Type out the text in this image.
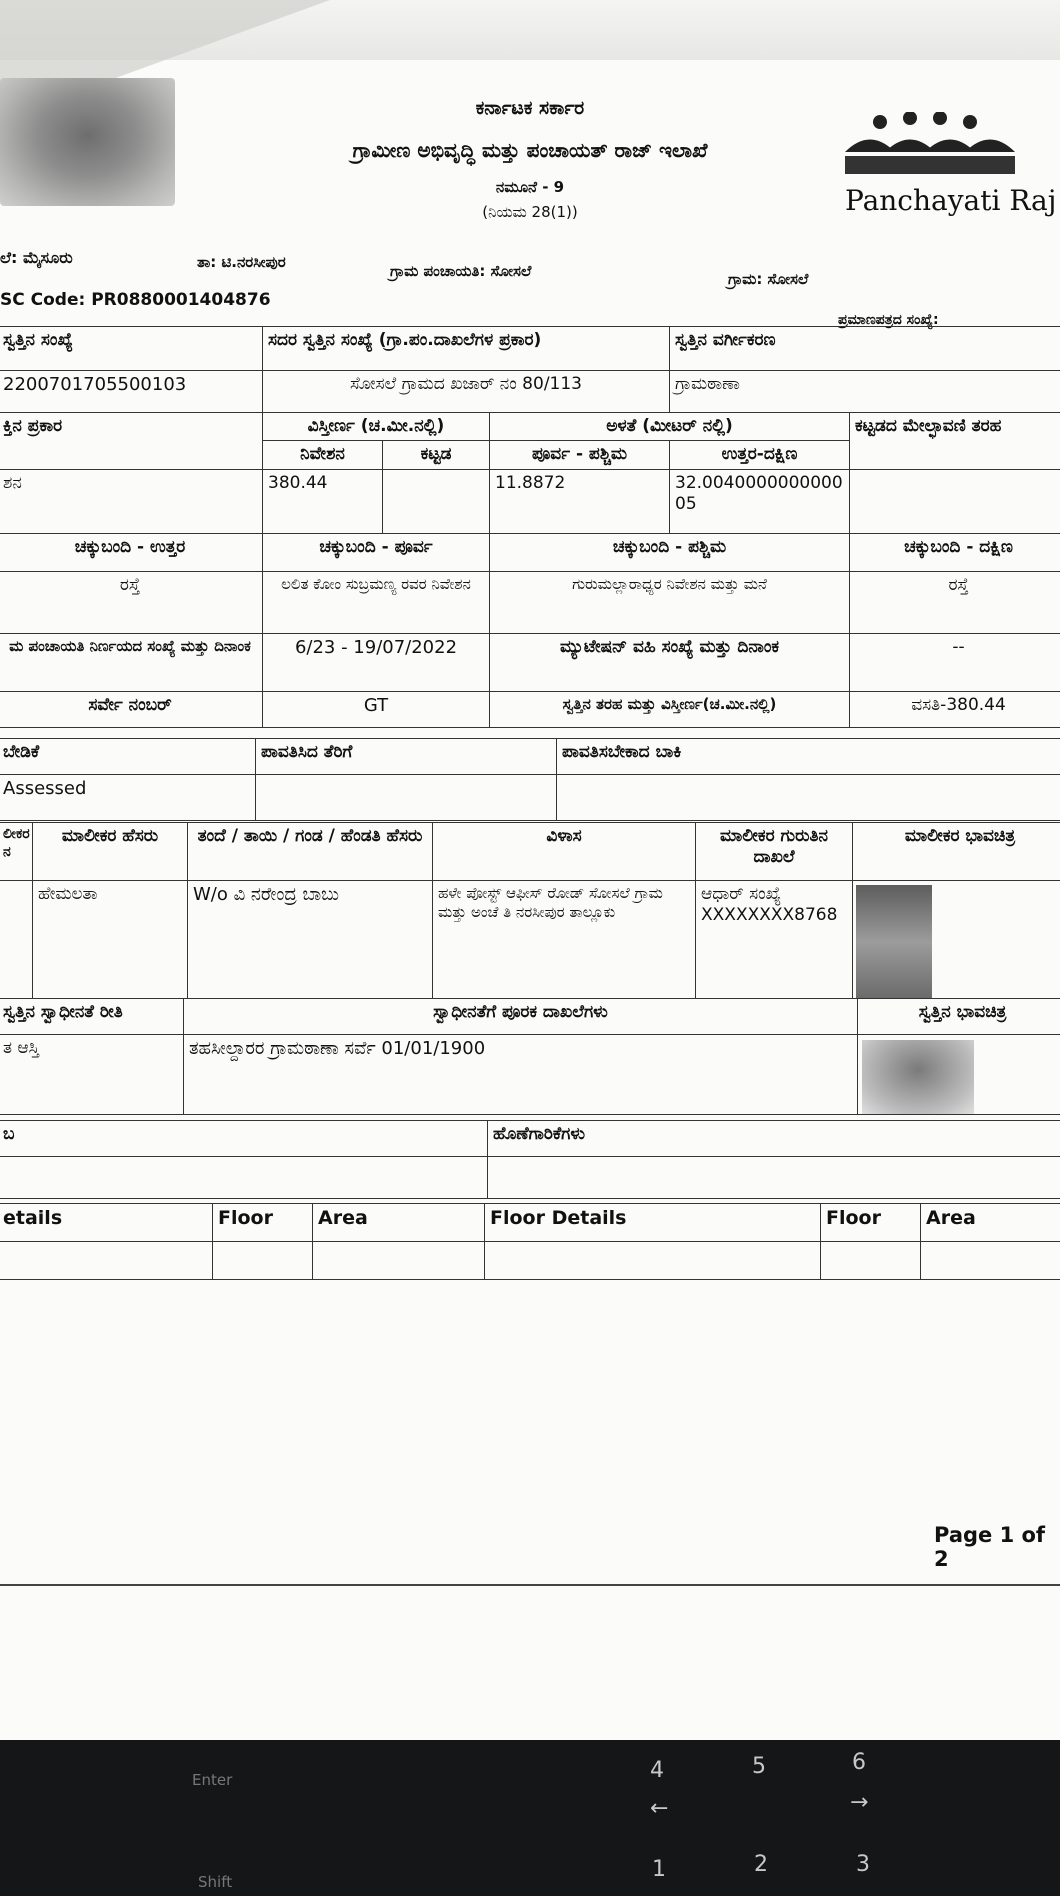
ಕರ್ನಾಟಕ ಸರ್ಕಾರ
ಗ್ರಾಮೀಣ ಅಭಿವೃದ್ಧಿ ಮತ್ತು ಪಂಚಾಯತ್ ರಾಜ್ ಇಲಾಖೆ
ನಮೂನೆ - 9
(ನಿಯಮ 28(1))	Panchayati Raj
ಲೆ: ಮೈಸೂರು	ತಾ: ಟಿ.ನರಸೀಪುರ	ಗ್ರಾಮ ಪಂಚಾಯತಿ: ಸೋಸಲೆ	ಗ್ರಾಮ: ಸೋಸಲೆ
SC Code: PR0880001404876
ಪ್ರಮಾಣಪತ್ರದ ಸಂಖ್ಯೆ:
ಸ್ವತ್ತಿನ ಸಂಖ್ಯೆ	ಸದರ ಸ್ವತ್ತಿನ ಸಂಖ್ಯೆ (ಗ್ರಾ.ಪಂ.ದಾಖಲೆಗಳ ಪ್ರಕಾರ)			ಸ್ವತ್ತಿನ ವರ್ಗೀಕರಣ	
2200701705500103	ಸೋಸಲೆ ಗ್ರಾಮದ ಖಜಾರ್ ನಂ 80/113			ಗ್ರಾಮಠಾಣಾ	
ಕ್ತಿನ ಪ್ರಕಾರ	ವಿಸ್ತೀರ್ಣ (ಚ.ಮೀ.ನಲ್ಲಿ)		ಅಳತೆ (ಮೀಟರ್ ನಲ್ಲಿ)		ಕಟ್ಟಡದ ಮೇಲ್ಛಾವಣಿ ತರಹ
	ನಿವೇಶನ	ಕಟ್ಟಡ	ಪೂರ್ವ - ಪಶ್ಚಿಮ	ಉತ್ತರ-ದಕ್ಷಿಣ	
ಶನ	380.44		11.8872	32.004000000000005	
ಚಕ್ಕುಬಂದಿ - ಉತ್ತರ	ಚಕ್ಕುಬಂದಿ - ಪೂರ್ವ		ಚಕ್ಕುಬಂದಿ - ಪಶ್ಚಿಮ		ಚಕ್ಕುಬಂದಿ - ದಕ್ಷಿಣ
ರಸ್ತೆ	ಲಲಿತ ಕೋಂ ಸುಬ್ರಮಣ್ಯ ರವರ ನಿವೇಶನ		ಗುರುಮಲ್ಲಾರಾಧ್ಯರ ನಿವೇಶನ ಮತ್ತು ಮನೆ		ರಸ್ತೆ
ಮ ಪಂಚಾಯತಿ ನಿರ್ಣಯದ ಸಂಖ್ಯೆ ಮತ್ತು ದಿನಾಂಕ	6/23 - 19/07/2022		ಮ್ಯುಟೇಷನ್ ವಹಿ ಸಂಖ್ಯೆ ಮತ್ತು ದಿನಾಂಕ		--
ಸರ್ವೇ ನಂಬರ್	GT		ಸ್ವತ್ತಿನ ತರಹ ಮತ್ತು ವಿಸ್ತೀರ್ಣ(ಚ.ಮೀ.ನಲ್ಲಿ)		ವಸತಿ-380.44
ಬೇಡಿಕೆ	ಪಾವತಿಸಿದ ತೆರಿಗೆ	ಪಾವತಿಸಬೇಕಾದ ಬಾಕಿ
Assessed		
ಲೀಕರ ನ	ಮಾಲೀಕರ ಹೆಸರು	ತಂದೆ / ತಾಯಿ / ಗಂಡ / ಹೆಂಡತಿ ಹೆಸರು	ವಿಳಾಸ	ಮಾಲೀಕರ ಗುರುತಿನ ದಾಖಲೆ	ಮಾಲೀಕರ ಭಾವಚಿತ್ರ
	ಹೇಮಲತಾ	W/o ವಿ ನರೇಂದ್ರ ಬಾಬು	ಹಳೇ ಪೋಸ್ಟ್ ಆಫೀಸ್ ರೋಡ್ ಸೋಸಲೆ ಗ್ರಾಮ ಮತ್ತು ಅಂಚೆ ತಿ ನರಸೀಪುರ ತಾಲ್ಲೂಕು	ಆಧಾರ್ ಸಂಖ್ಯೆ
XXXXXXXX8768	

ಸ್ವತ್ತಿನ ಸ್ವಾಧೀನತೆ ರೀತಿ	ಸ್ವಾಧೀನತೆಗೆ ಪೂರಕ ದಾಖಲೆಗಳು	ಸ್ವತ್ತಿನ ಭಾವಚಿತ್ರ
ತ ಆಸ್ತಿ	ತಹಸೀಲ್ದಾರರ ಗ್ರಾಮಠಾಣಾ ಸರ್ವೆ 01/01/1900	
ಬ	ಹೊಣೆಗಾರಿಕೆಗಳು

etails	Floor	Area	Floor Details	Floor	Area

Page 1 of 2
Enter
Shift
4	5	6
←	→
1	2	3
